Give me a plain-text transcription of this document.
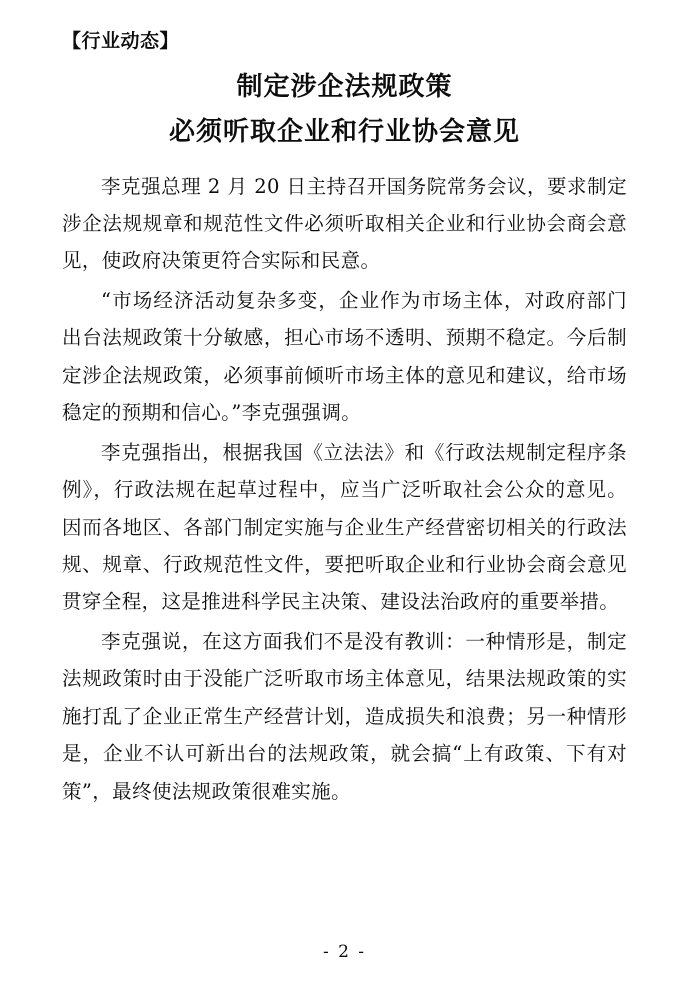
【行业动态】
制定涉企法规政策
必须听取企业和行业协会意见

李克强总理 2 月 20 日主持召开国务院常务会议，要求制定涉企法规规章和规范性文件必须听取相关企业和行业协会商会意见，使政府决策更符合实际和民意。

“市场经济活动复杂多变，企业作为市场主体，对政府部门出台法规政策十分敏感，担心市场不透明、预期不稳定。今后制定涉企法规政策，必须事前倾听市场主体的意见和建议，给市场稳定的预期和信心。”李克强强调。

李克强指出，根据我国《立法法》和《行政法规制定程序条例》，行政法规在起草过程中，应当广泛听取社会公众的意见。因而各地区、各部门制定实施与企业生产经营密切相关的行政法规、规章、行政规范性文件，要把听取企业和行业协会商会意见贯穿全程，这是推进科学民主决策、建设法治政府的重要举措。

李克强说，在这方面我们不是没有教训：一种情形是，制定法规政策时由于没能广泛听取市场主体意见，结果法规政策的实施打乱了企业正常生产经营计划，造成损失和浪费；另一种情形是，企业不认可新出台的法规政策，就会搞“上有政策、下有对策”，最终使法规政策很难实施。

- 2 -
